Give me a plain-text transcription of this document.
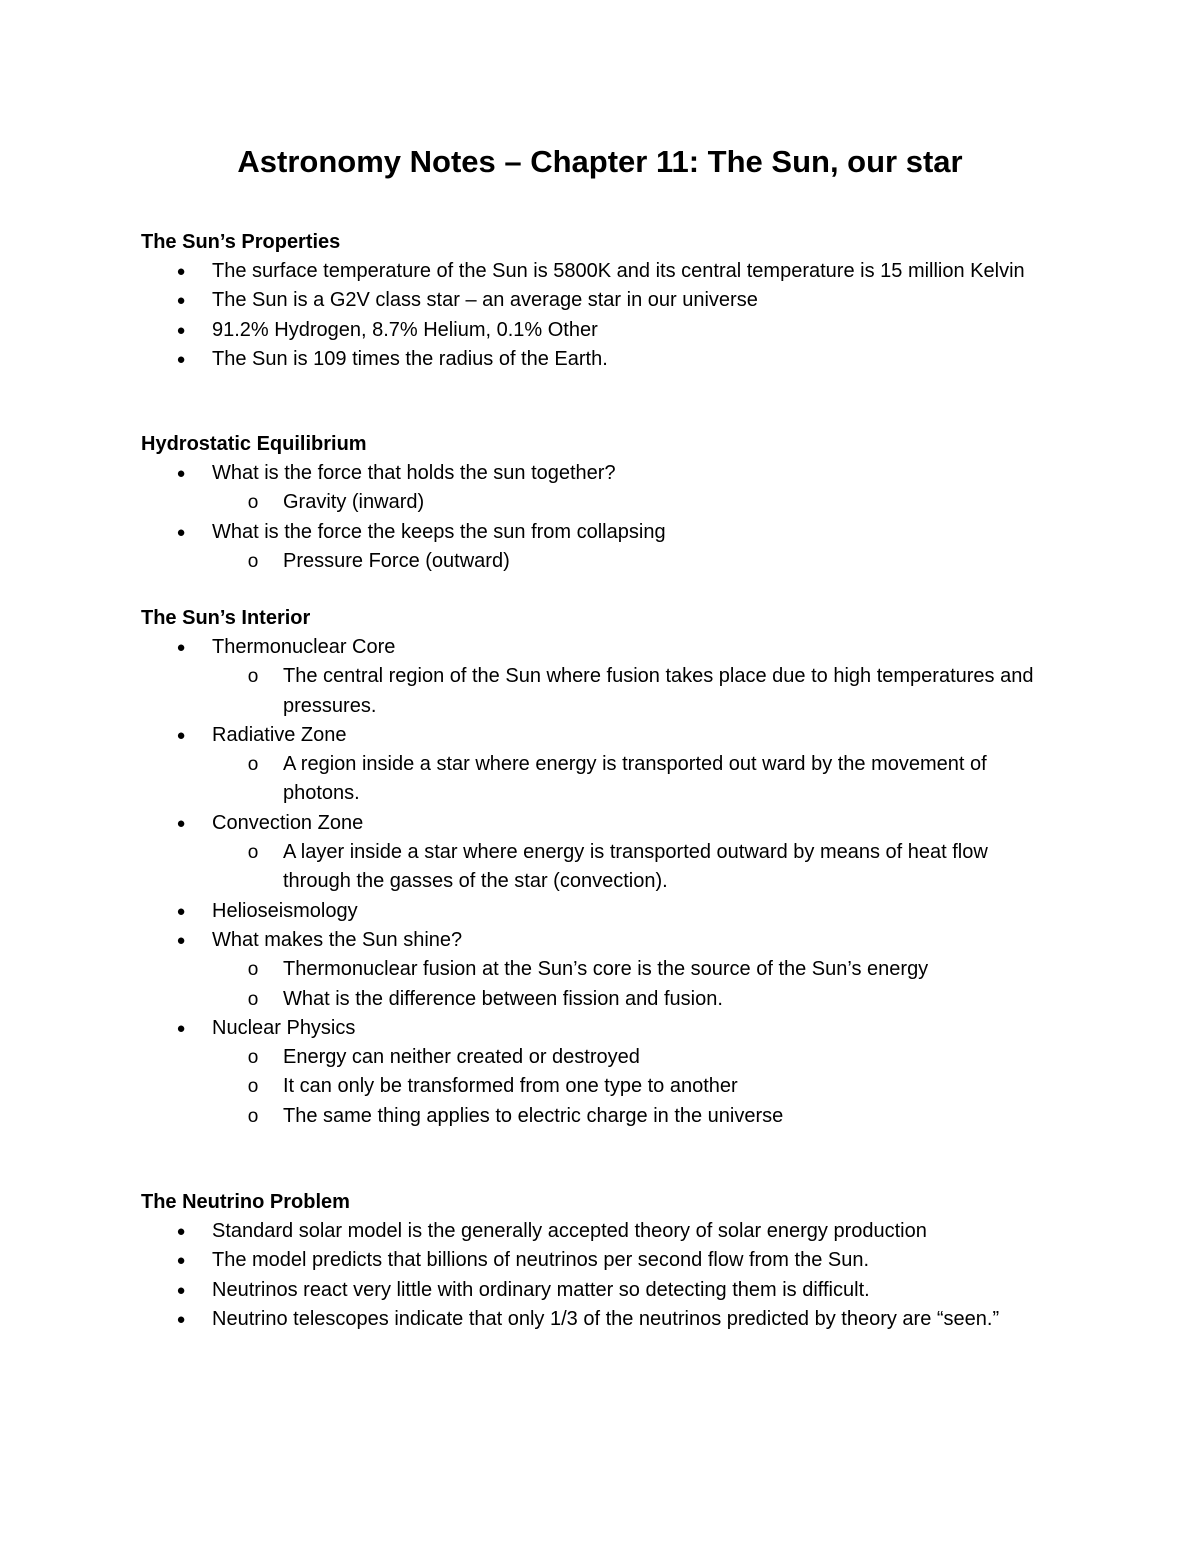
Astronomy Notes – Chapter 11: The Sun, our star
The Sun’s Properties
● The surface temperature of the Sun is 5800K and its central temperature is 15 million Kelvin
● The Sun is a G2V class star – an average star in our universe
● 91.2% Hydrogen, 8.7% Helium, 0.1% Other
● The Sun is 109 times the radius of the Earth.
Hydrostatic Equilibrium
● What is the force that holds the sun together?
o Gravity (inward)
● What is the force the keeps the sun from collapsing
o Pressure Force (outward)
The Sun’s Interior
● Thermonuclear Core
o The central region of the Sun where fusion takes place due to high temperatures and pressures.
● Radiative Zone
o A region inside a star where energy is transported out ward by the movement of photons.
● Convection Zone
o A layer inside a star where energy is transported outward by means of heat flow through the gasses of the star (convection).
● Helioseismology
● What makes the Sun shine?
o Thermonuclear fusion at the Sun’s core is the source of the Sun’s energy
o What is the difference between fission and fusion.
● Nuclear Physics
o Energy can neither created or destroyed
o It can only be transformed from one type to another
o The same thing applies to electric charge in the universe
The Neutrino Problem
● Standard solar model is the generally accepted theory of solar energy production
● The model predicts that billions of neutrinos per second flow from the Sun.
● Neutrinos react very little with ordinary matter so detecting them is difficult.
● Neutrino telescopes indicate that only 1/3 of the neutrinos predicted by theory are “seen.”
